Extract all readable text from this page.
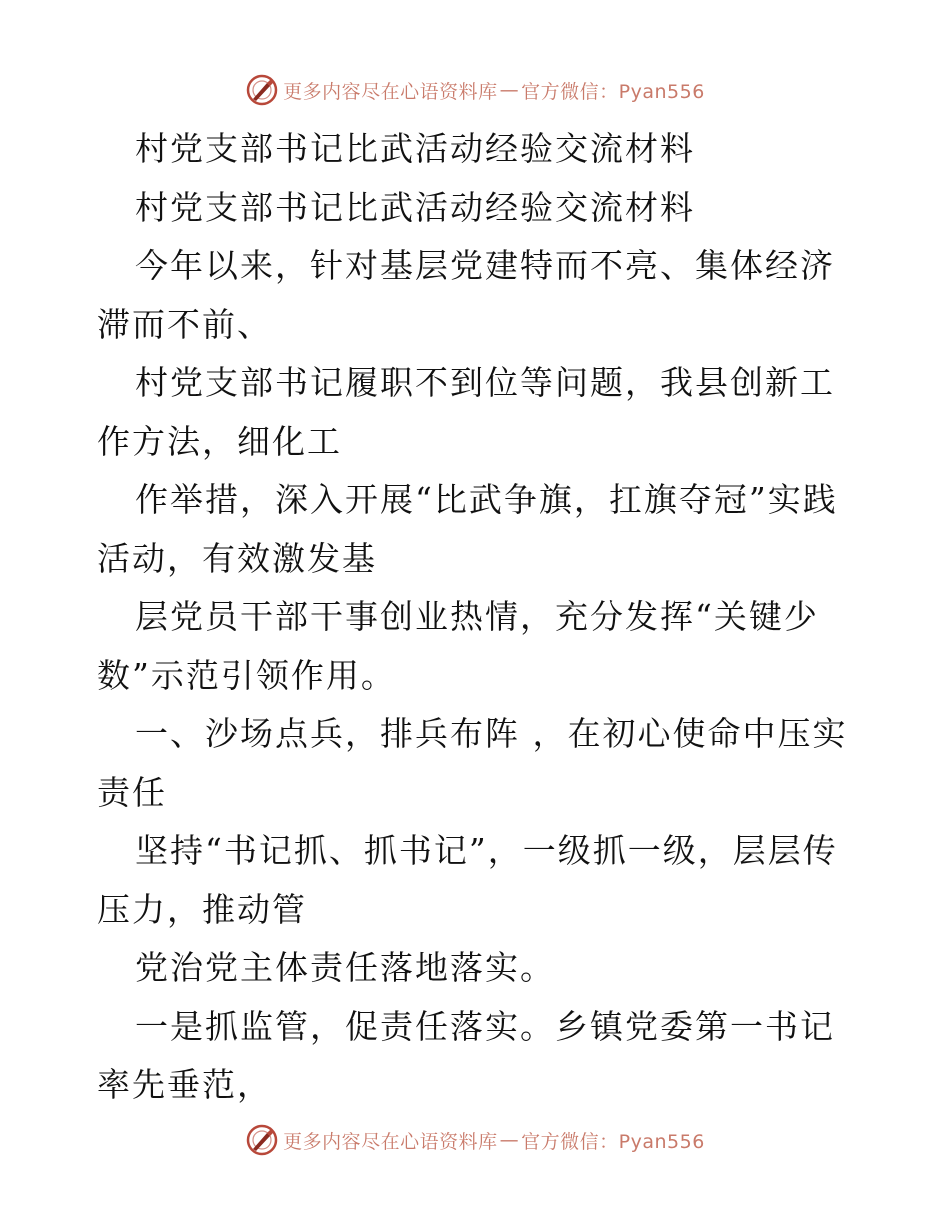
更多内容尽在心语资料库 — 官方微信：Pyan556

村党支部书记比武活动经验交流材料

村党支部书记比武活动经验交流材料

今年以来，针对基层党建特而不亮、集体经济滞而不前、

村党支部书记履职不到位等问题，我县创新工作方法，细化工

作举措，深入开展“比武争旗，扛旗夺冠”实践活动，有效激发基

层党员干部干事创业热情，充分发挥“关键少数”示范引领作用。

一、沙场点兵，排兵布阵 ，在初心使命中压实责任

坚持“书记抓、抓书记”，一级抓一级，层层传压力，推动管

党治党主体责任落地落实。

一是抓监管，促责任落实。乡镇党委第一书记率先垂范，

更多内容尽在心语资料库 — 官方微信：Pyan556
